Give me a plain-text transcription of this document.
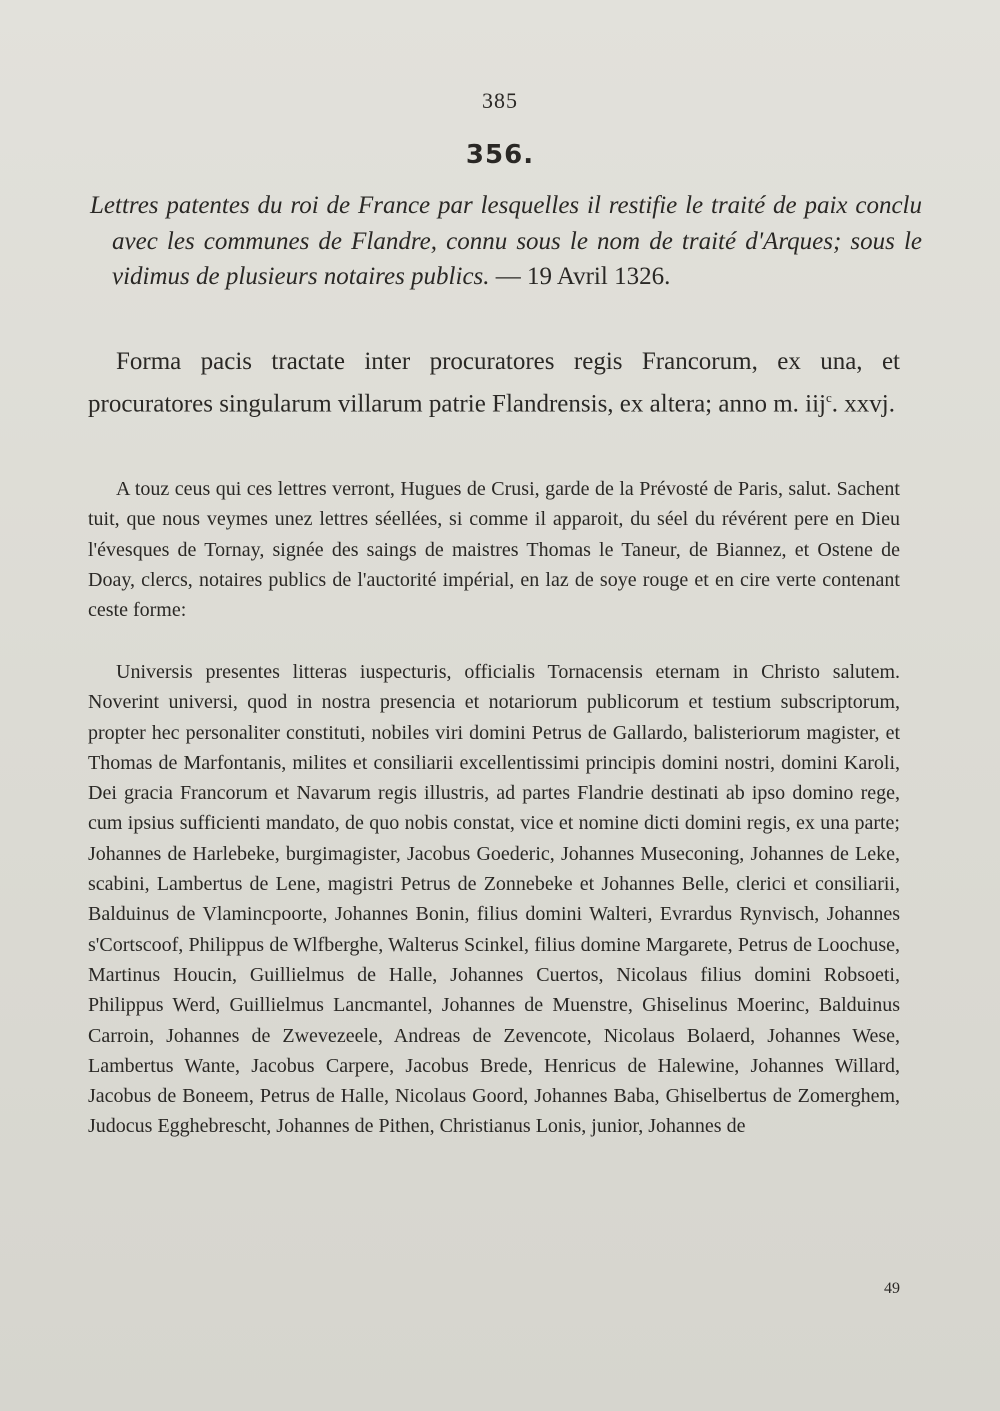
385
356.
Lettres patentes du roi de France par lesquelles il restifie le traité de paix conclu avec les communes de Flandre, connu sous le nom de traité d'Arques; sous le vidimus de plusieurs notaires publics. — 19 Avril 1326.
Forma pacis tractate inter procuratores regis Francorum, ex una, et procuratores singularum villarum patrie Flandrensis, ex altera; anno m. iij$^c$. xxvj.
A touz ceus qui ces lettres verront, Hugues de Crusi, garde de la Prévosté de Paris, salut. Sachent tuit, que nous veymes unez lettres séellées, si comme il apparoit, du séel du révérent pere en Dieu l'évesques de Tornay, signée des saings de maistres Thomas le Taneur, de Biannez, et Ostene de Doay, clercs, notaires publics de l'auctorité impérial, en laz de soye rouge et en cire verte contenant ceste forme:
Universis presentes litteras iuspecturis, officialis Tornacensis eternam in Christo salutem. Noverint universi, quod in nostra presencia et notariorum publicorum et testium subscriptorum, propter hec personaliter constituti, nobiles viri domini Petrus de Gallardo, balisteriorum magister, et Thomas de Marfontanis, milites et consiliarii excellentissimi principis domini nostri, domini Karoli, Dei gracia Francorum et Navarum regis illustris, ad partes Flandrie destinati ab ipso domino rege, cum ipsius sufficienti mandato, de quo nobis constat, vice et nomine dicti domini regis, ex una parte; Johannes de Harlebeke, burgimagister, Jacobus Goederic, Johannes Museconing, Johannes de Leke, scabini, Lambertus de Lene, magistri Petrus de Zonnebeke et Johannes Belle, clerici et consiliarii, Balduinus de Vlamincpoorte, Johannes Bonin, filius domini Walteri, Evrardus Rynvisch, Johannes s'Cortscoof, Philippus de Wlfberghe, Walterus Scinkel, filius domine Margarete, Petrus de Loochuse, Martinus Houcin, Guillielmus de Halle, Johannes Cuertos, Nicolaus filius domini Robsoeti, Philippus Werd, Guillielmus Lancmantel, Johannes de Muenstre, Ghiselinus Moerinc, Balduinus Carroin, Johannes de Zwevezeele, Andreas de Zevencote, Nicolaus Bolaerd, Johannes Wese, Lambertus Wante, Jacobus Carpere, Jacobus Brede, Henricus de Halewine, Johannes Willard, Jacobus de Boneem, Petrus de Halle, Nicolaus Goord, Johannes Baba, Ghiselbertus de Zomerghem, Judocus Egghebrescht, Johannes de Pithen, Christianus Lonis, junior, Johannes de
49
